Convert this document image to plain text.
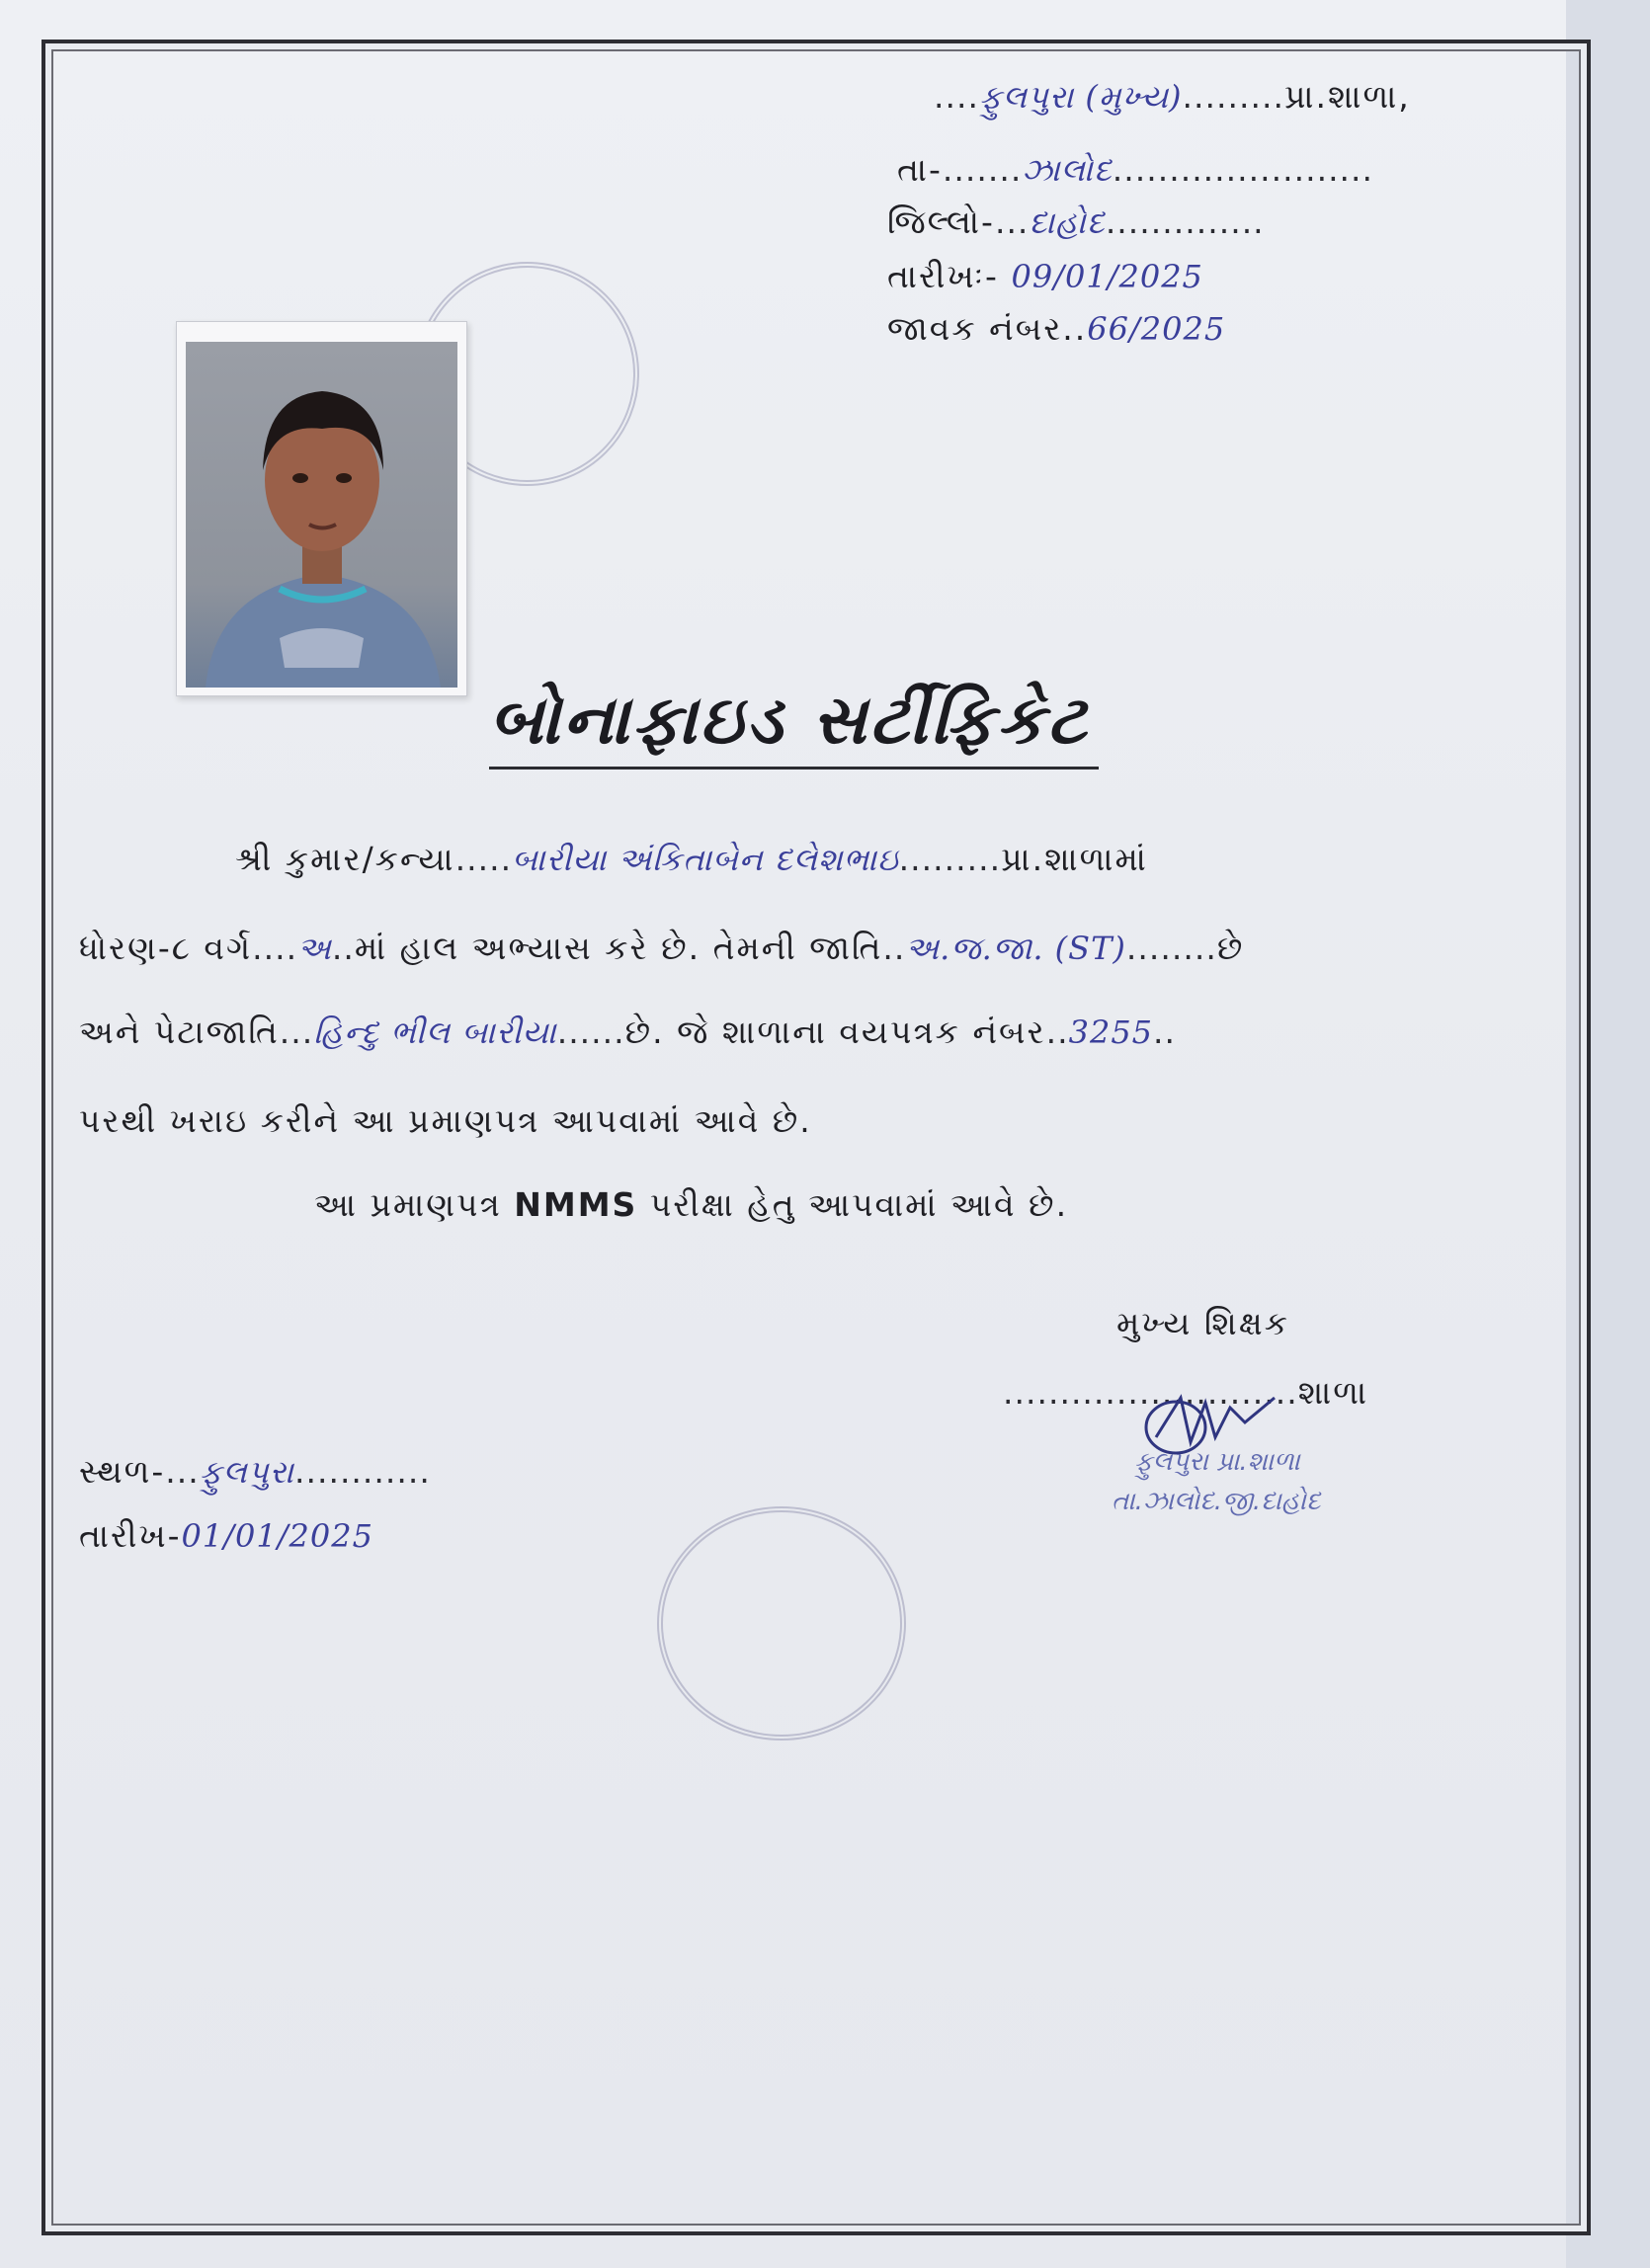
....ફુલપુરા (મુખ્ય).........પ્રા.શાળા,
તા-.......ઝાલોદ.......................
જિલ્લો-...દાહોદ..............
તારીખઃ- 09/01/2025
જાવક નંબર..66/2025
બોનાફાઇડ સર્ટીફિકેટ
શ્રી કુમાર/કન્યા.....બારીયા અંકિતાબેન દલેશભાઇ.........પ્રા.શાળામાં
ધોરણ-૮ વર્ગ....અ..માં હાલ અભ્યાસ કરે છે. તેમની જાતિ..અ.જ.જા. (ST)........છે
અને પેટાજાતિ...હિન્દુ ભીલ બારીયા......છે. જે શાળાના વયપત્રક નંબર..3255..
પરથી ખરાઇ કરીને આ પ્રમાણપત્ર આપવામાં આવે છે.
આ પ્રમાણપત્ર NMMS પરીક્ષા હેતુ આપવામાં આવે છે.
મુખ્ય શિક્ષક
..........................શાળા
ફુલપુરા પ્રા.શાળા
તા.ઝાલોદ.જી.દાહોદ
સ્થળ-...ફુલપુરા............
તારીખ-01/01/2025
